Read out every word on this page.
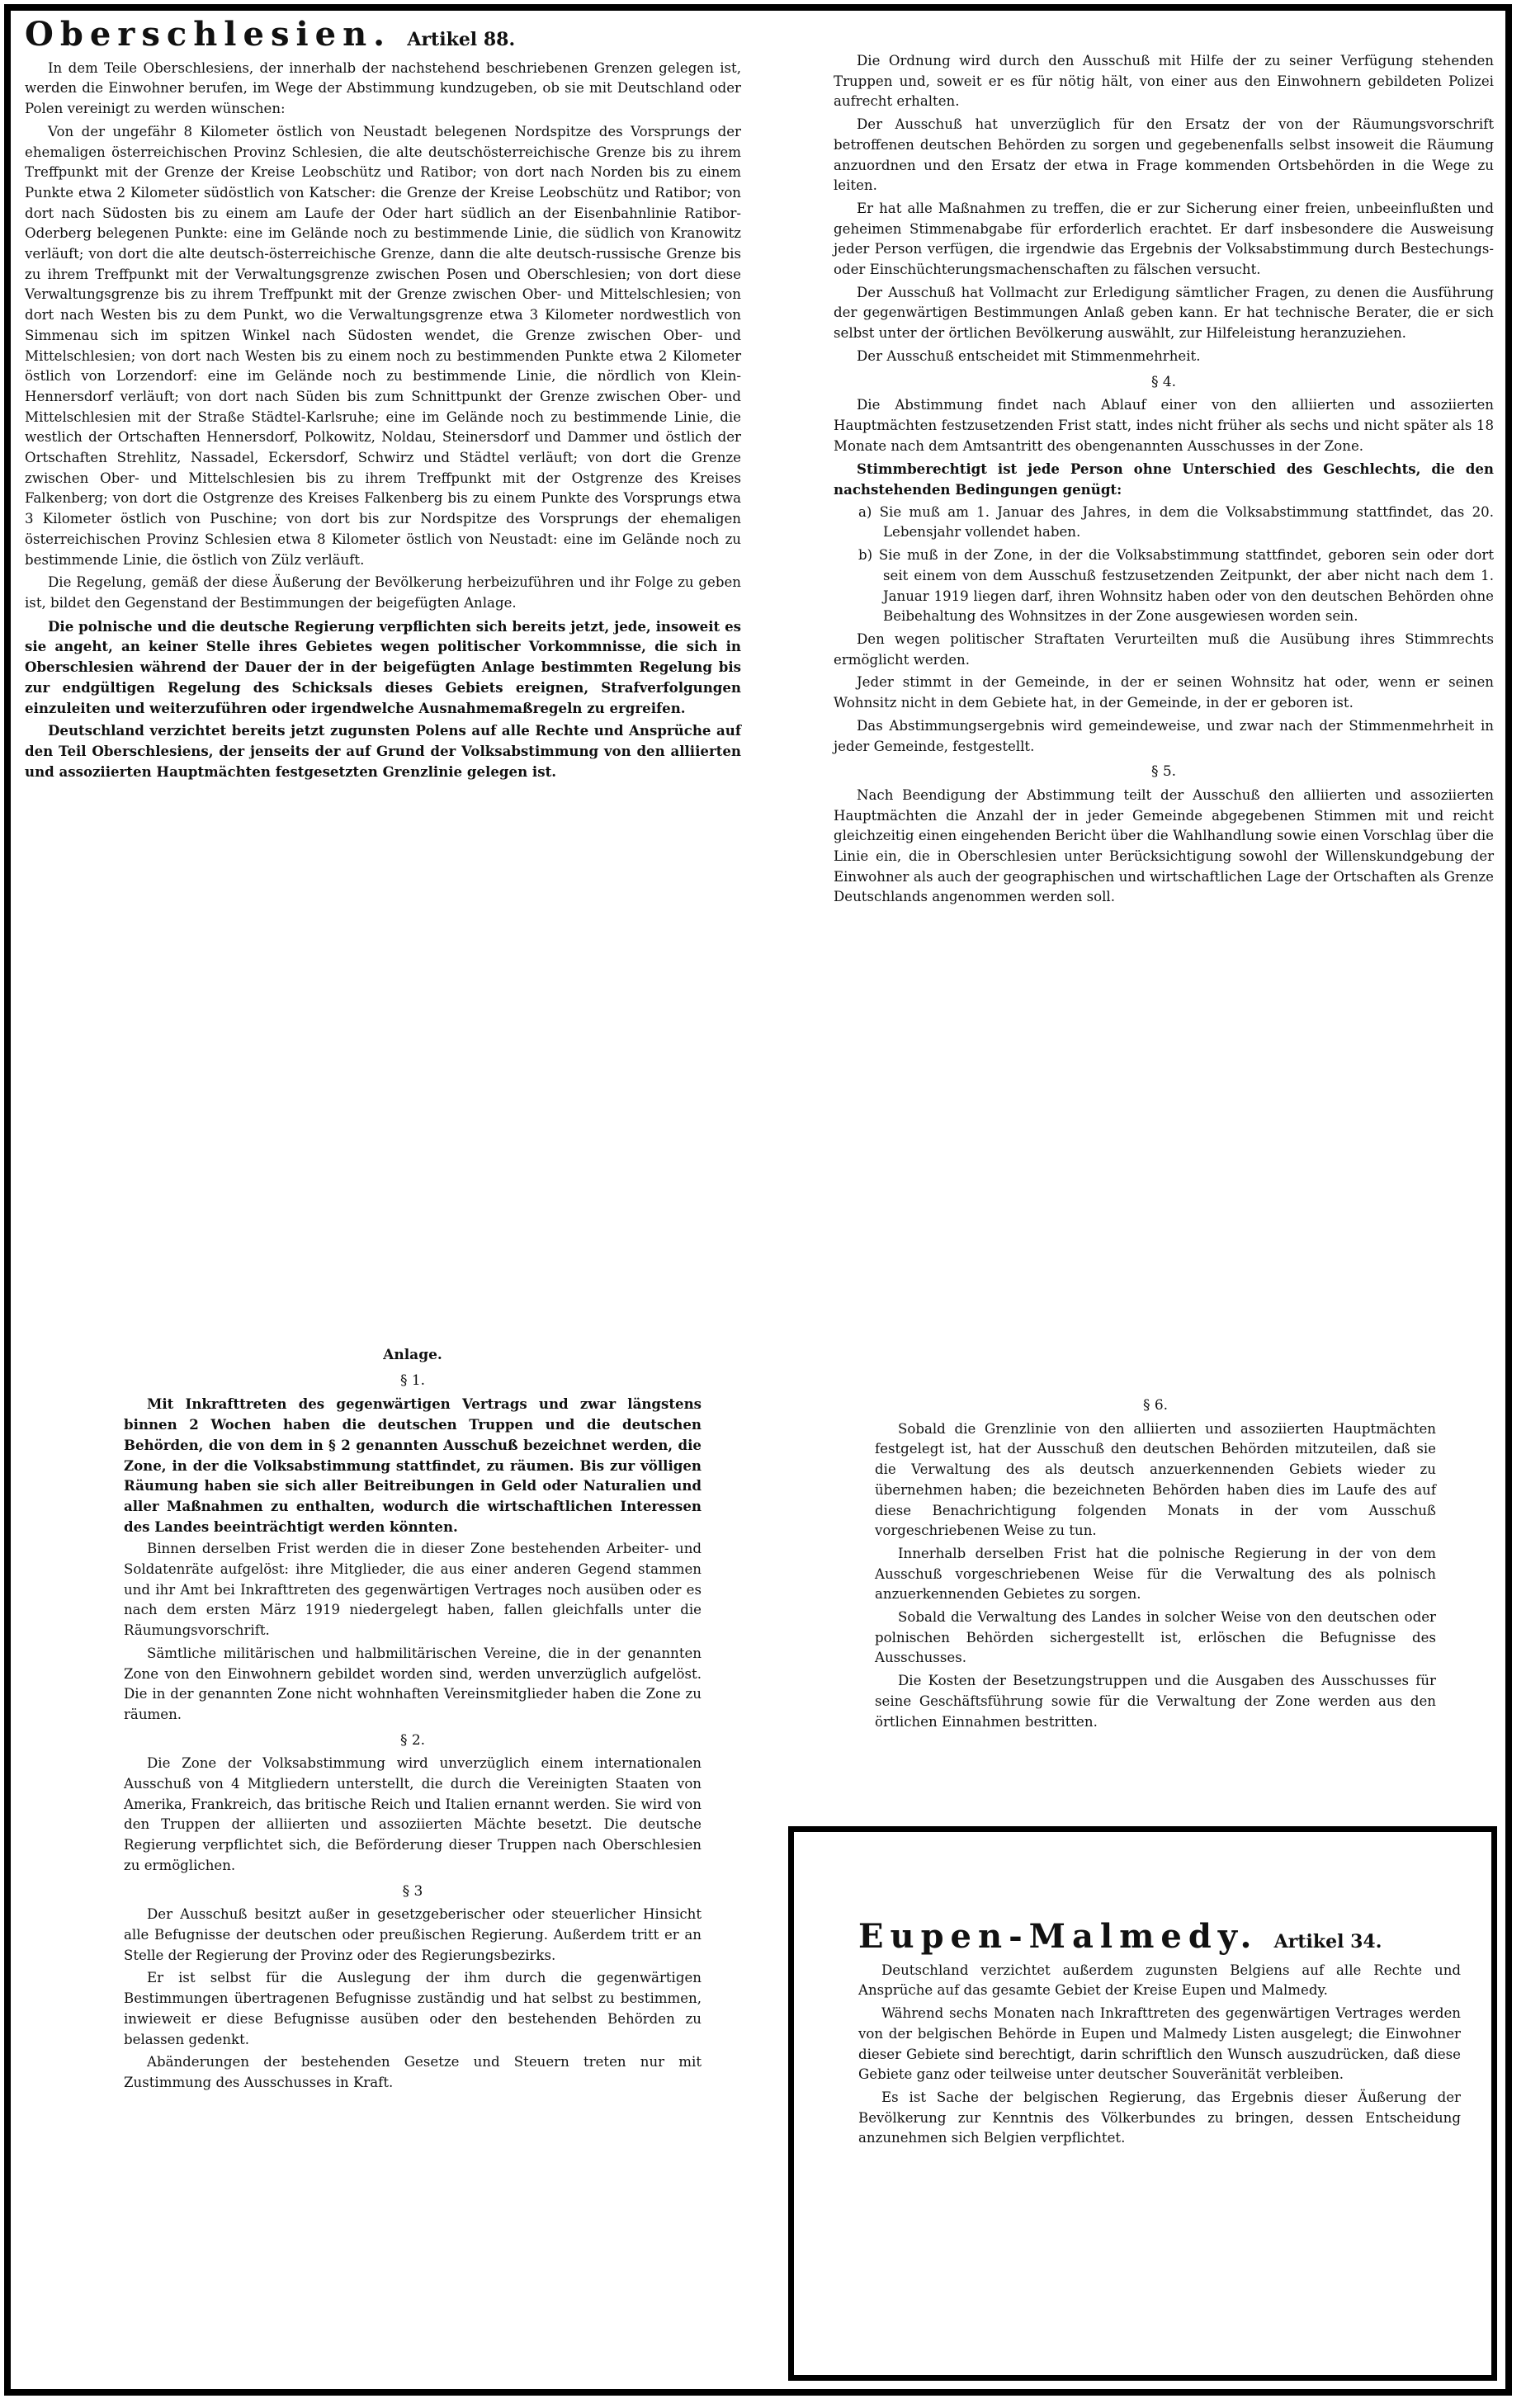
Oberschlesien. Artikel 88.

In dem Teile Oberschlesiens, der innerhalb der nachstehend beschriebenen Grenzen gelegen ist, werden die Einwohner berufen, im Wege der Abstimmung kundzugeben, ob sie mit Deutschland oder Polen vereinigt zu werden wünschen:

Von der ungefähr 8 Kilometer östlich von Neustadt belegenen Nordspitze des Vorsprungs der ehemaligen österreichischen Provinz Schlesien, die alte deutschösterreichische Grenze bis zu ihrem Treffpunkt mit der Grenze der Kreise Leobschütz und Ratibor; von dort nach Norden bis zu einem Punkte etwa 2 Kilometer südöstlich von Katscher: die Grenze der Kreise Leobschütz und Ratibor; von dort nach Südosten bis zu einem am Laufe der Oder hart südlich an der Eisenbahnlinie Ratibor-Oderberg belegenen Punkte: eine im Gelände noch zu bestimmende Linie, die südlich von Kranowitz verläuft; von dort die alte deutsch-österreichische Grenze, dann die alte deutsch-russische Grenze bis zu ihrem Treffpunkt mit der Verwaltungsgrenze zwischen Posen und Oberschlesien; von dort diese Verwaltungsgrenze bis zu ihrem Treffpunkt mit der Grenze zwischen Ober- und Mittelschlesien; von dort nach Westen bis zu dem Punkt, wo die Verwaltungsgrenze etwa 3 Kilometer nordwestlich von Simmenau sich im spitzen Winkel nach Südosten wendet, die Grenze zwischen Ober- und Mittelschlesien; von dort nach Westen bis zu einem noch zu bestimmenden Punkte etwa 2 Kilometer östlich von Lorzendorf: eine im Gelände noch zu bestimmende Linie, die nördlich von Klein-Hennersdorf verläuft; von dort nach Süden bis zum Schnittpunkt der Grenze zwischen Ober- und Mittelschlesien mit der Straße Städtel-Karlsruhe; eine im Gelände noch zu bestimmende Linie, die westlich der Ortschaften Hennersdorf, Polkowitz, Noldau, Steinersdorf und Dammer und östlich der Ortschaften Strehlitz, Nassadel, Eckersdorf, Schwirz und Städtel verläuft; von dort die Grenze zwischen Ober- und Mittelschlesien bis zu ihrem Treffpunkt mit der Ostgrenze des Kreises Falkenberg; von dort die Ostgrenze des Kreises Falkenberg bis zu einem Punkte des Vorsprungs etwa 3 Kilometer östlich von Puschine; von dort bis zur Nordspitze des Vorsprungs der ehemaligen österreichischen Provinz Schlesien etwa 8 Kilometer östlich von Neustadt: eine im Gelände noch zu bestimmende Linie, die östlich von Zülz verläuft.

Die Regelung, gemäß der diese Äußerung der Bevölkerung herbeizuführen und ihr Folge zu geben ist, bildet den Gegenstand der Bestimmungen der beigefügten Anlage.

Die polnische und die deutsche Regierung verpflichten sich bereits jetzt, jede, insoweit es sie angeht, an keiner Stelle ihres Gebietes wegen politischer Vorkommnisse, die sich in Oberschlesien während der Dauer der in der beigefügten Anlage bestimmten Regelung bis zur endgültigen Regelung des Schicksals dieses Gebiets ereignen, Strafverfolgungen einzuleiten und weiterzuführen oder irgendwelche Ausnahmemaßregeln zu ergreifen.

Deutschland verzichtet bereits jetzt zugunsten Polens auf alle Rechte und Ansprüche auf den Teil Oberschlesiens, der jenseits der auf Grund der Volksabstimmung von den alliierten und assoziierten Hauptmächten festgesetzten Grenzlinie gelegen ist.

Die Ordnung wird durch den Ausschuß mit Hilfe der zu seiner Verfügung stehenden Truppen und, soweit er es für nötig hält, von einer aus den Einwohnern gebildeten Polizei aufrecht erhalten.

Der Ausschuß hat unverzüglich für den Ersatz der von der Räumungsvorschrift betroffenen deutschen Behörden zu sorgen und gegebenenfalls selbst insoweit die Räumung anzuordnen und den Ersatz der etwa in Frage kommenden Ortsbehörden in die Wege zu leiten.

Er hat alle Maßnahmen zu treffen, die er zur Sicherung einer freien, unbeeinflußten und geheimen Stimmenabgabe für erforderlich erachtet. Er darf insbesondere die Ausweisung jeder Person verfügen, die irgendwie das Ergebnis der Volksabstimmung durch Bestechungs- oder Einschüchterungsmachenschaften zu fälschen versucht.

Der Ausschuß hat Vollmacht zur Erledigung sämtlicher Fragen, zu denen die Ausführung der gegenwärtigen Bestimmungen Anlaß geben kann. Er hat technische Berater, die er sich selbst unter der örtlichen Bevölkerung auswählt, zur Hilfeleistung heranzuziehen.

Der Ausschuß entscheidet mit Stimmenmehrheit.

§ 4.

Die Abstimmung findet nach Ablauf einer von den alliierten und assoziierten Hauptmächten festzusetzenden Frist statt, indes nicht früher als sechs und nicht später als 18 Monate nach dem Amtsantritt des obengenannten Ausschusses in der Zone.

Stimmberechtigt ist jede Person ohne Unterschied des Geschlechts, die den nachstehenden Bedingungen genügt:

a) Sie muß am 1. Januar des Jahres, in dem die Volksabstimmung stattfindet, das 20. Lebensjahr vollendet haben.

b) Sie muß in der Zone, in der die Volksabstimmung stattfindet, geboren sein oder dort seit einem von dem Ausschuß festzusetzenden Zeitpunkt, der aber nicht nach dem 1. Januar 1919 liegen darf, ihren Wohnsitz haben oder von den deutschen Behörden ohne Beibehaltung des Wohnsitzes in der Zone ausgewiesen worden sein.

Den wegen politischer Straftaten Verurteilten muß die Ausübung ihres Stimmrechts ermöglicht werden.

Jeder stimmt in der Gemeinde, in der er seinen Wohnsitz hat oder, wenn er seinen Wohnsitz nicht in dem Gebiete hat, in der Gemeinde, in der er geboren ist.

Das Abstimmungsergebnis wird gemeindeweise, und zwar nach der Stimmenmehrheit in jeder Gemeinde, festgestellt.

§ 5.

Nach Beendigung der Abstimmung teilt der Ausschuß den alliierten und assoziierten Hauptmächten die Anzahl der in jeder Gemeinde abgegebenen Stimmen mit und reicht gleichzeitig einen eingehenden Bericht über die Wahlhandlung sowie einen Vorschlag über die Linie ein, die in Oberschlesien unter Berücksichtigung sowohl der Willenskundgebung der Einwohner als auch der geographischen und wirtschaftlichen Lage der Ortschaften als Grenze Deutschlands angenommen werden soll.

Anlage.
§ 1.

Mit Inkrafttreten des gegenwärtigen Vertrags und zwar längstens binnen 2 Wochen haben die deutschen Truppen und die deutschen Behörden, die von dem in § 2 genannten Ausschuß bezeichnet werden, die Zone, in der die Volksabstimmung stattfindet, zu räumen. Bis zur völligen Räumung haben sie sich aller Beitreibungen in Geld oder Naturalien und aller Maßnahmen zu enthalten, wodurch die wirtschaftlichen Interessen des Landes beeinträchtigt werden könnten.

Binnen derselben Frist werden die in dieser Zone bestehenden Arbeiter- und Soldatenräte aufgelöst: ihre Mitglieder, die aus einer anderen Gegend stammen und ihr Amt bei Inkrafttreten des gegenwärtigen Vertrages noch ausüben oder es nach dem ersten März 1919 niedergelegt haben, fallen gleichfalls unter die Räumungsvorschrift.

Sämtliche militärischen und halbmilitärischen Vereine, die in der genannten Zone von den Einwohnern gebildet worden sind, werden unverzüglich aufgelöst. Die in der genannten Zone nicht wohnhaften Vereinsmitglieder haben die Zone zu räumen.

§ 2.

Die Zone der Volksabstimmung wird unverzüglich einem internationalen Ausschuß von 4 Mitgliedern unterstellt, die durch die Vereinigten Staaten von Amerika, Frankreich, das britische Reich und Italien ernannt werden. Sie wird von den Truppen der alliierten und assoziierten Mächte besetzt. Die deutsche Regierung verpflichtet sich, die Beförderung dieser Truppen nach Oberschlesien zu ermöglichen.

§ 3

Der Ausschuß besitzt außer in gesetzgeberischer oder steuerlicher Hinsicht alle Befugnisse der deutschen oder preußischen Regierung. Außerdem tritt er an Stelle der Regierung der Provinz oder des Regierungsbezirks.

Er ist selbst für die Auslegung der ihm durch die gegenwärtigen Bestimmungen übertragenen Befugnisse zuständig und hat selbst zu bestimmen, inwieweit er diese Befugnisse ausüben oder den bestehenden Behörden zu belassen gedenkt.

Abänderungen der bestehenden Gesetze und Steuern treten nur mit Zustimmung des Ausschusses in Kraft.

§ 6.

Sobald die Grenzlinie von den alliierten und assoziierten Hauptmächten festgelegt ist, hat der Ausschuß den deutschen Behörden mitzuteilen, daß sie die Verwaltung des als deutsch anzuerkennenden Gebiets wieder zu übernehmen haben; die bezeichneten Behörden haben dies im Laufe des auf diese Benachrichtigung folgenden Monats in der vom Ausschuß vorgeschriebenen Weise zu tun.

Innerhalb derselben Frist hat die polnische Regierung in der von dem Ausschuß vorgeschriebenen Weise für die Verwaltung des als polnisch anzuerkennenden Gebietes zu sorgen.

Sobald die Verwaltung des Landes in solcher Weise von den deutschen oder polnischen Behörden sichergestellt ist, erlöschen die Befugnisse des Ausschusses.

Die Kosten der Besetzungstruppen und die Ausgaben des Ausschusses für seine Geschäftsführung sowie für die Verwaltung der Zone werden aus den örtlichen Einnahmen bestritten.

Eupen-Malmedy. Artikel 34.

Deutschland verzichtet außerdem zugunsten Belgiens auf alle Rechte und Ansprüche auf das gesamte Gebiet der Kreise Eupen und Malmedy.

Während sechs Monaten nach Inkrafttreten des gegenwärtigen Vertrages werden von der belgischen Behörde in Eupen und Malmedy Listen ausgelegt; die Einwohner dieser Gebiete sind berechtigt, darin schriftlich den Wunsch auszudrücken, daß diese Gebiete ganz oder teilweise unter deutscher Souveränität verbleiben.

Es ist Sache der belgischen Regierung, das Ergebnis dieser Äußerung der Bevölkerung zur Kenntnis des Völkerbundes zu bringen, dessen Entscheidung anzunehmen sich Belgien verpflichtet.
